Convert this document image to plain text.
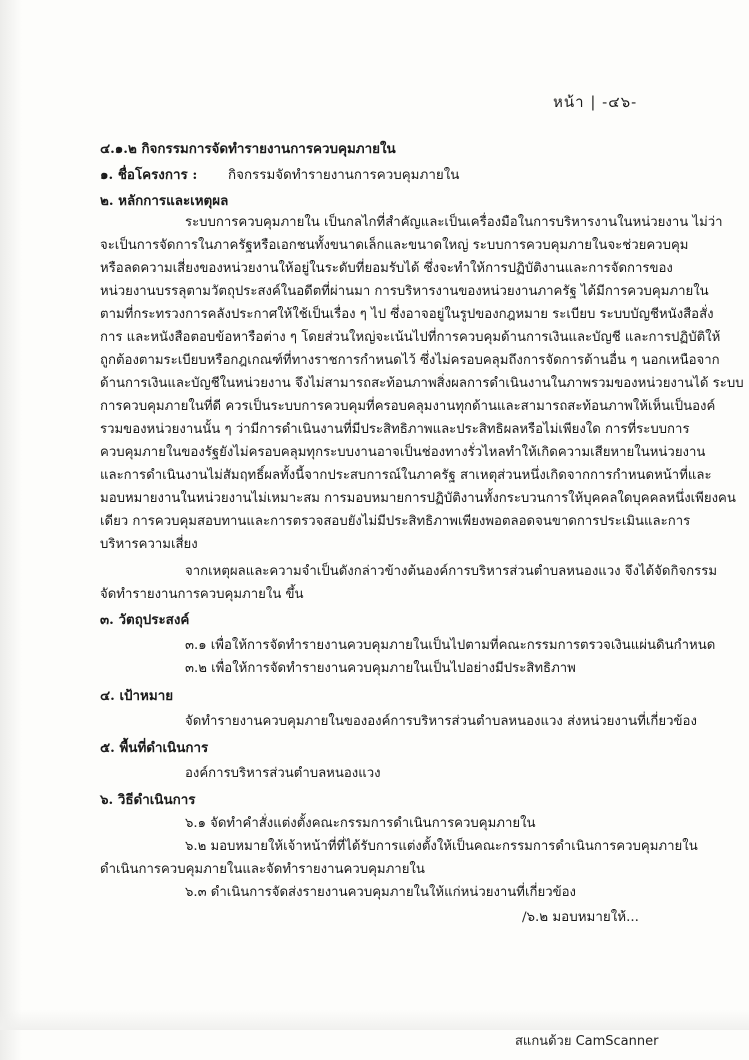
หน้า | -๔๖-
๔.๑.๒ กิจกรรมการจัดทำรายงานการควบคุมภายใน
๑. ชื่อโครงการ : กิจกรรมจัดทำรายงานการควบคุมภายใน
๒. หลักการและเหตุผล
ระบบการควบคุมภายใน เป็นกลไกที่สำคัญและเป็นเครื่องมือในการบริหารงานในหน่วยงาน ไม่ว่า
จะเป็นการจัดการในภาครัฐหรือเอกชนทั้งขนาดเล็กและขนาดใหญ่ ระบบการควบคุมภายในจะช่วยควบคุม
หรือลดความเสี่ยงของหน่วยงานให้อยู่ในระดับที่ยอมรับได้ ซึ่งจะทำให้การปฏิบัติงานและการจัดการของ
หน่วยงานบรรลุตามวัตถุประสงค์ในอดีตที่ผ่านมา การบริหารงานของหน่วยงานภาครัฐ ได้มีการควบคุมภายใน
ตามที่กระทรวงการคลังประกาศให้ใช้เป็นเรื่อง ๆ ไป ซึ่งอาจอยู่ในรูปของกฎหมาย ระเบียบ ระบบบัญชีหนังสือสั่ง
การ และหนังสือตอบข้อหารือต่าง ๆ โดยส่วนใหญ่จะเน้นไปที่การควบคุมด้านการเงินและบัญชี และการปฏิบัติให้
ถูกต้องตามระเบียบหรือกฎเกณฑ์ที่ทางราชการกำหนดไว้ ซึ่งไม่ครอบคลุมถึงการจัดการด้านอื่น ๆ นอกเหนือจาก
ด้านการเงินและบัญชีในหน่วยงาน จึงไม่สามารถสะท้อนภาพสิ่งผลการดำเนินงานในภาพรวมของหน่วยงานได้ ระบบ
การควบคุมภายในที่ดี ควรเป็นระบบการควบคุมที่ครอบคลุมงานทุกด้านและสามารถสะท้อนภาพให้เห็นเป็นองค์
รวมของหน่วยงานนั้น ๆ ว่ามีการดำเนินงานที่มีประสิทธิภาพและประสิทธิผลหรือไม่เพียงใด การที่ระบบการ
ควบคุมภายในของรัฐยังไม่ครอบคลุมทุกระบบงานอาจเป็นช่องทางรั่วไหลทำให้เกิดความเสียหายในหน่วยงาน
และการดำเนินงานไม่สัมฤทธิ์ผลทั้งนี้จากประสบการณ์ในภาครัฐ สาเหตุส่วนหนึ่งเกิดจากการกำหนดหน้าที่และ
มอบหมายงานในหน่วยงานไม่เหมาะสม การมอบหมายการปฏิบัติงานทั้งกระบวนการให้บุคคลใดบุคคลหนึ่งเพียงคน
เดียว การควบคุมสอบทานและการตรวจสอบยังไม่มีประสิทธิภาพเพียงพอตลอดจนขาดการประเมินและการ
บริหารความเสี่ยง
จากเหตุผลและความจำเป็นดังกล่าวข้างต้นองค์การบริหารส่วนตำบลหนองแวง จึงได้จัดกิจกรรม
จัดทำรายงานการควบคุมภายใน ขึ้น
๓. วัตถุประสงค์
๓.๑ เพื่อให้การจัดทำรายงานควบคุมภายในเป็นไปตามที่คณะกรรมการตรวจเงินแผ่นดินกำหนด
๓.๒ เพื่อให้การจัดทำรายงานควบคุมภายในเป็นไปอย่างมีประสิทธิภาพ
๔. เป้าหมาย
จัดทำรายงานควบคุมภายในขององค์การบริหารส่วนตำบลหนองแวง ส่งหน่วยงานที่เกี่ยวข้อง
๕. พื้นที่ดำเนินการ
องค์การบริหารส่วนตำบลหนองแวง
๖. วิธีดำเนินการ
๖.๑ จัดทำคำสั่งแต่งตั้งคณะกรรมการดำเนินการควบคุมภายใน
๖.๒ มอบหมายให้เจ้าหน้าที่ที่ได้รับการแต่งตั้งให้เป็นคณะกรรมการดำเนินการควบคุมภายใน
ดำเนินการควบคุมภายในและจัดทำรายงานควบคุมภายใน
๖.๓ ดำเนินการจัดส่งรายงานควบคุมภายในให้แก่หน่วยงานที่เกี่ยวข้อง
/๖.๒ มอบหมายให้...
สแกนด้วย CamScanner
